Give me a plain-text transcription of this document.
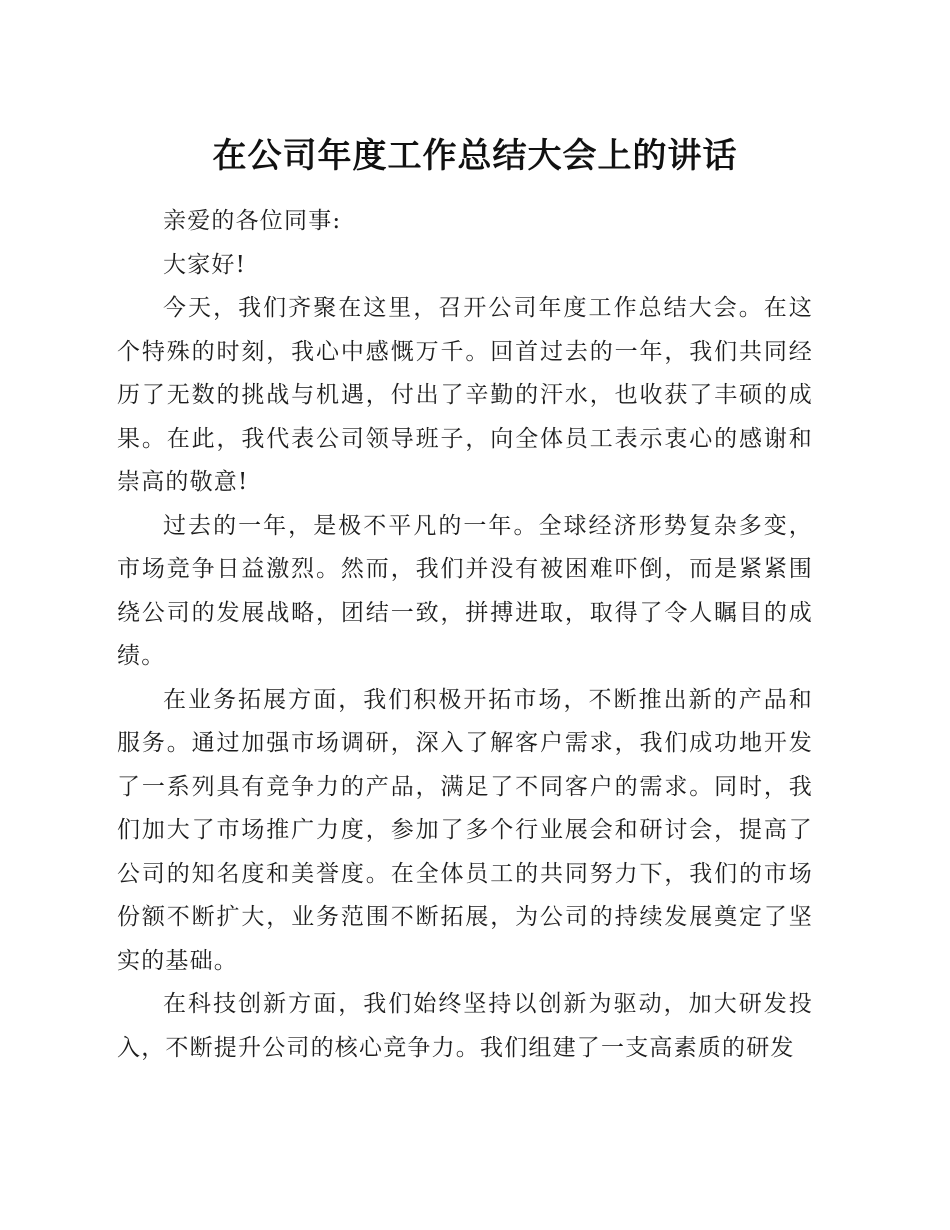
在公司年度工作总结大会上的讲话

亲爱的各位同事:

大家好!

今天，我们齐聚在这里，召开公司年度工作总结大会。在这个特殊的时刻，我心中感慨万千。回首过去的一年，我们共同经历了无数的挑战与机遇，付出了辛勤的汗水，也收获了丰硕的成果。在此，我代表公司领导班子，向全体员工表示衷心的感谢和崇高的敬意!

过去的一年，是极不平凡的一年。全球经济形势复杂多变，市场竞争日益激烈。然而，我们并没有被困难吓倒，而是紧紧围绕公司的发展战略，团结一致，拼搏进取，取得了令人瞩目的成绩。

在业务拓展方面，我们积极开拓市场，不断推出新的产品和服务。通过加强市场调研，深入了解客户需求，我们成功地开发了一系列具有竞争力的产品，满足了不同客户的需求。同时，我们加大了市场推广力度，参加了多个行业展会和研讨会，提高了公司的知名度和美誉度。在全体员工的共同努力下，我们的市场份额不断扩大，业务范围不断拓展，为公司的持续发展奠定了坚实的基础。

在科技创新方面，我们始终坚持以创新为驱动，加大研发投入，不断提升公司的核心竞争力。我们组建了一支高素质的研发
